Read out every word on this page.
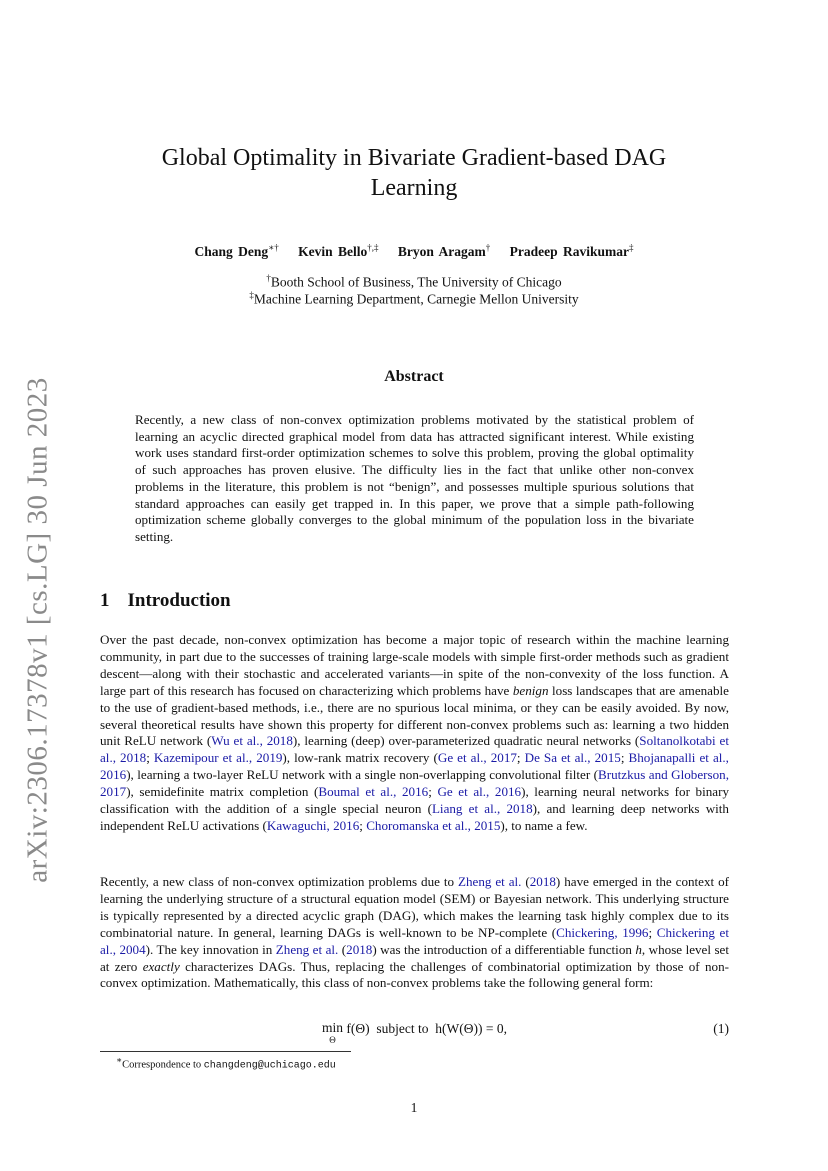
arXiv:2306.17378v1 [cs.LG] 30 Jun 2023
Global Optimality in Bivariate Gradient-based DAG
Learning
Chang Deng∗† Kevin Bello†,‡ Bryon Aragam† Pradeep Ravikumar‡
†Booth School of Business, The University of Chicago
‡Machine Learning Department, Carnegie Mellon University
Abstract
Recently, a new class of non-convex optimization problems motivated by the statistical problem of learning an acyclic directed graphical model from data has attracted significant interest. While existing work uses standard first-order optimization schemes to solve this problem, proving the global optimality of such approaches has proven elusive. The difficulty lies in the fact that unlike other non-convex problems in the literature, this problem is not “benign”, and possesses multiple spurious solutions that standard approaches can easily get trapped in. In this paper, we prove that a simple path-following optimization scheme globally converges to the global minimum of the population loss in the bivariate setting.
1 Introduction

Over the past decade, non-convex optimization has become a major topic of research within the machine learning community, in part due to the successes of training large-scale models with simple first-order methods such as gradient descent—along with their stochastic and accelerated variants—in spite of the non-convexity of the loss function. A large part of this research has focused on characterizing which problems have benign loss landscapes that are amenable to the use of gradient-based methods, i.e., there are no spurious local minima, or they can be easily avoided. By now, several theoretical results have shown this property for different non-convex problems such as: learning a two hidden unit ReLU network (Wu et al., 2018), learning (deep) over-parameterized quadratic neural networks (Soltanolkotabi et al., 2018; Kazemipour et al., 2019), low-rank matrix recovery (Ge et al., 2017; De Sa et al., 2015; Bhojanapalli et al., 2016), learning a two-layer ReLU network with a single non-overlapping convolutional filter (Brutzkus and Globerson, 2017), semidefinite matrix completion (Boumal et al., 2016; Ge et al., 2016), learning neural networks for binary classification with the addition of a single special neuron (Liang et al., 2018), and learning deep networks with independent ReLU activations (Kawaguchi, 2016; Choromanska et al., 2015), to name a few.

Recently, a new class of non-convex optimization problems due to Zheng et al. (2018) have emerged in the context of learning the underlying structure of a structural equation model (SEM) or Bayesian network. This underlying structure is typically represented by a directed acyclic graph (DAG), which makes the learning task highly complex due to its combinatorial nature. In general, learning DAGs is well-known to be NP-complete (Chickering, 1996; Chickering et al., 2004). The key innovation in Zheng et al. (2018) was the introduction of a differentiable function h, whose level set at zero exactly characterizes DAGs. Thus, replacing the challenges of combinatorial optimization by those of non-convex optimization. Mathematically, this class of non-convex problems take the following general form:

min
Θ
f(Θ) subject to h(W(Θ)) = 0,	(1)
∗Correspondence to changdeng@uchicago.edu
1
